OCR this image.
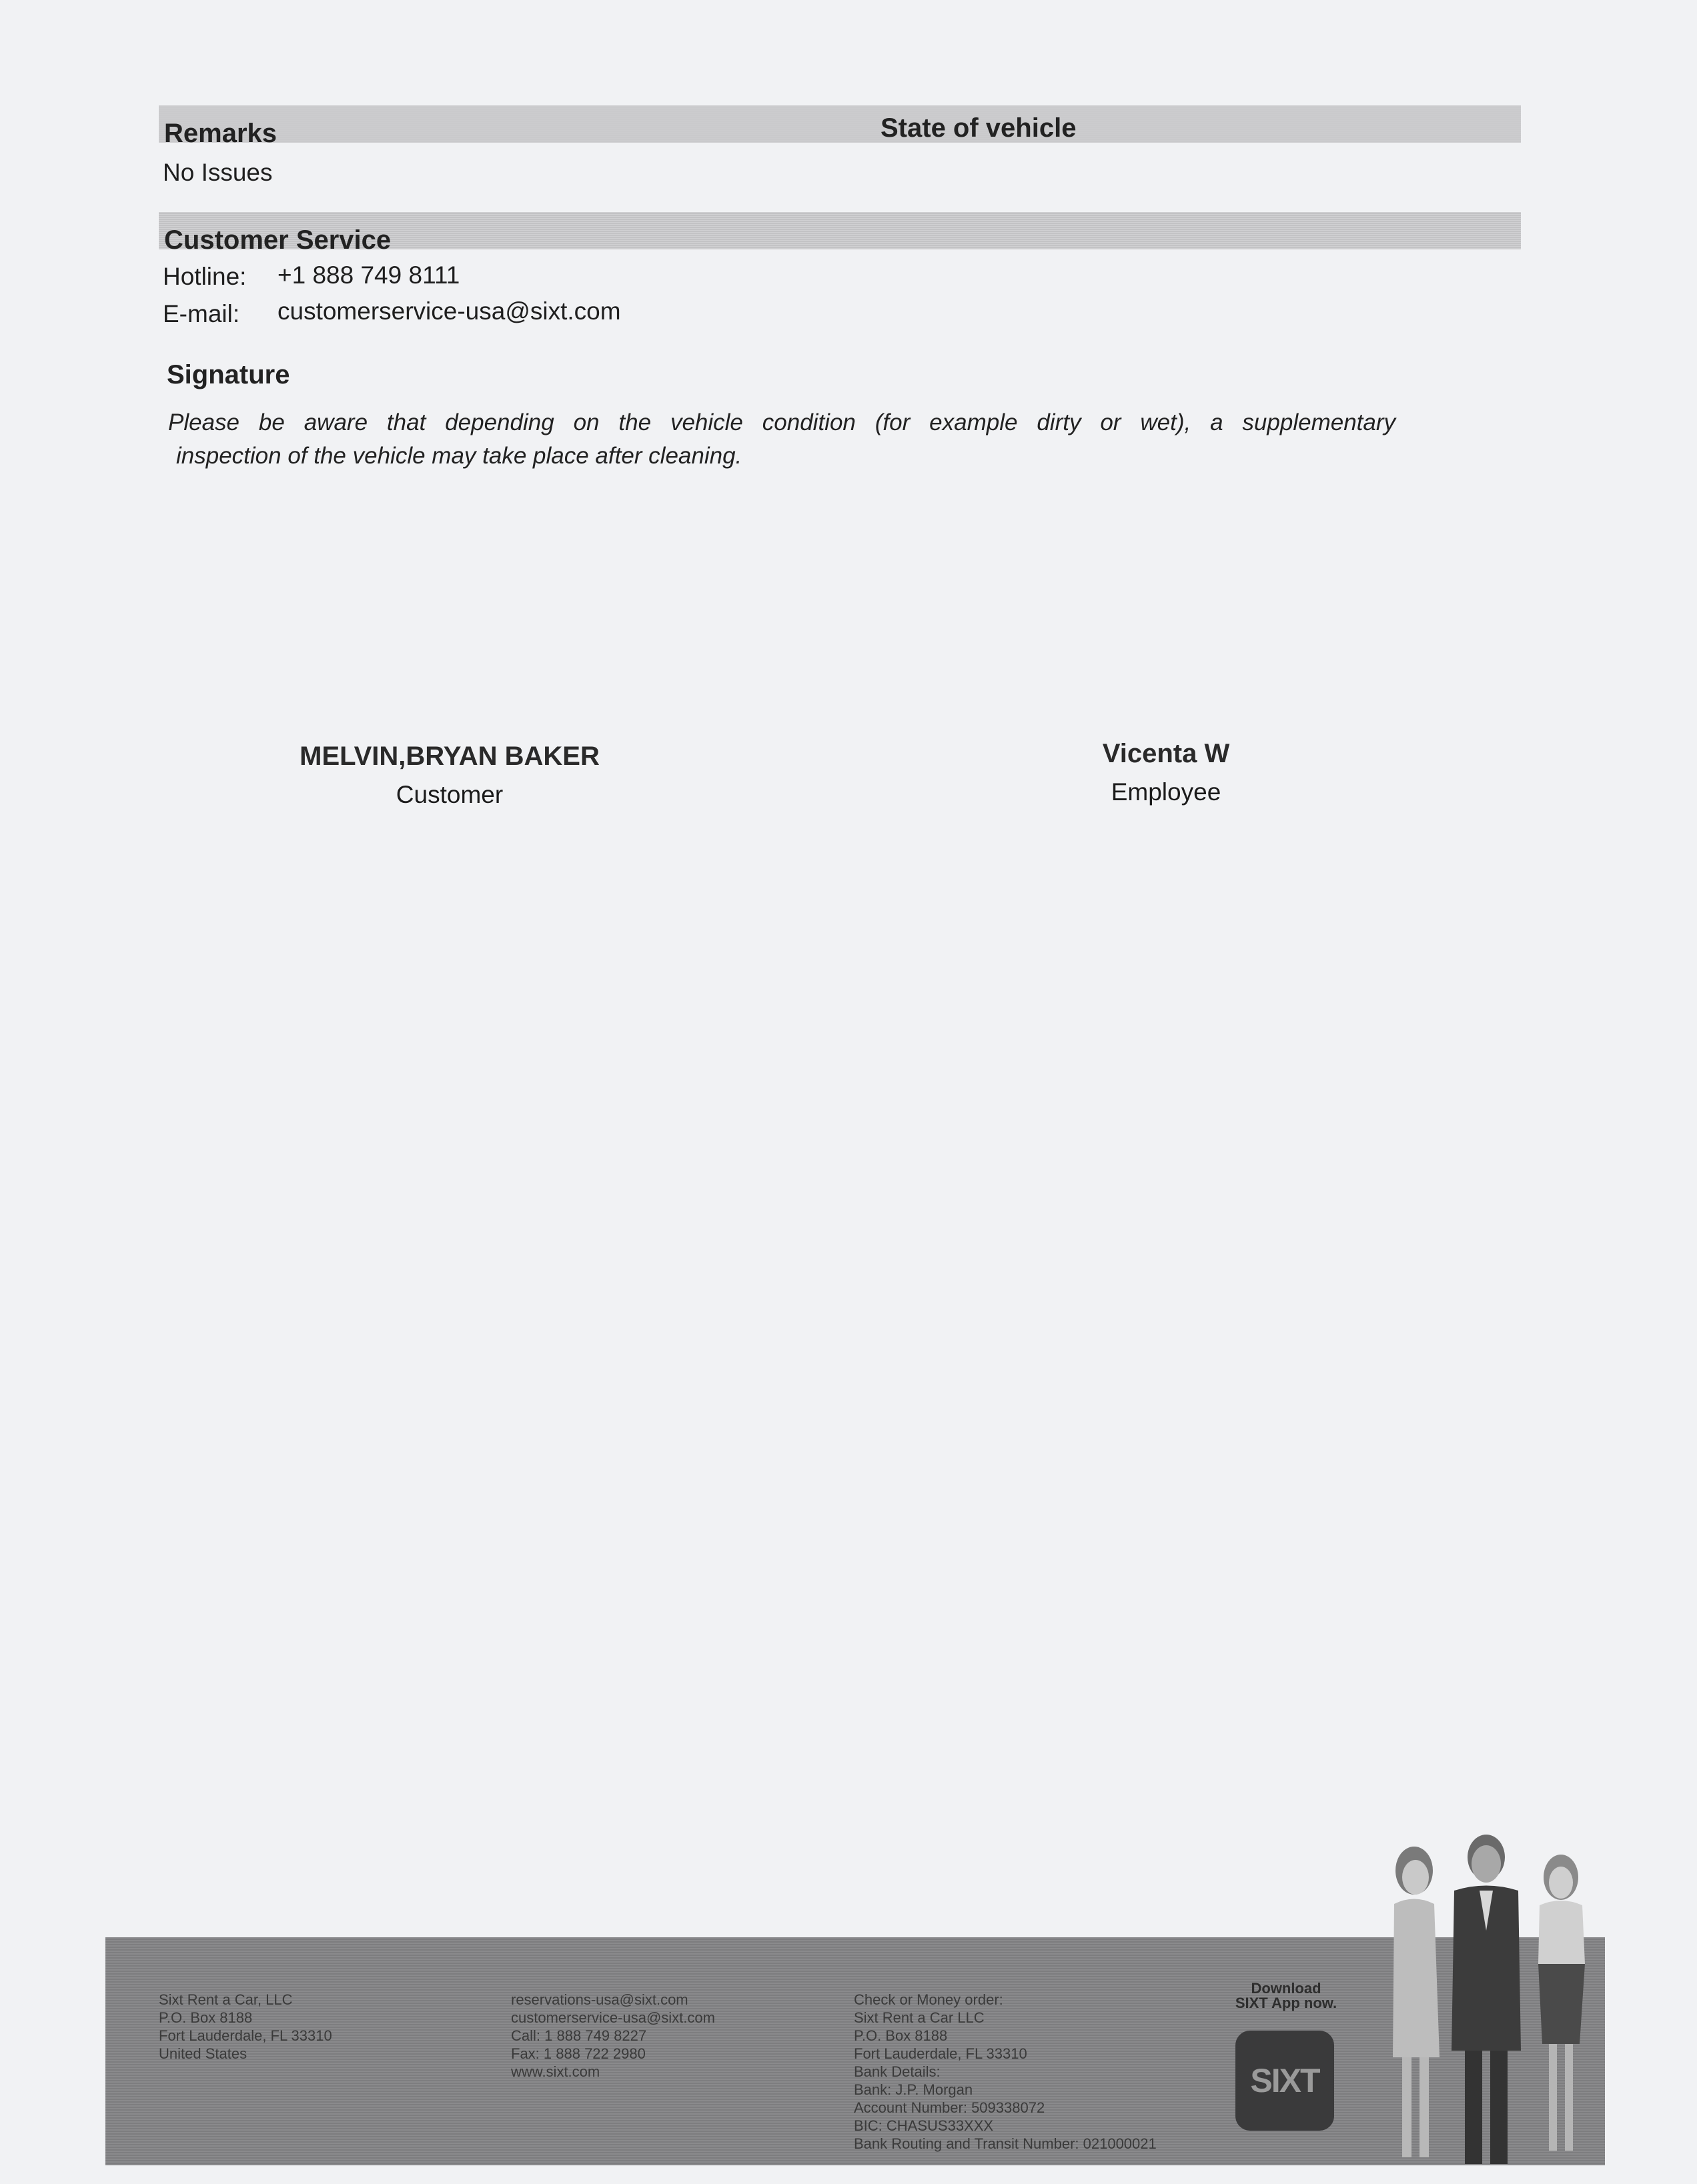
Remarks	State of vehicle
No Issues
Customer Service
Hotline: +1 888 749 8111
E-mail: customerservice-usa@sixt.com
Signature
Please be aware that depending on the vehicle condition (for example dirty or wet), a supplementary
inspection of the vehicle may take place after cleaning.
MELVIN,BRYAN BAKER
Customer
Vicenta W
Employee
Sixt Rent a Car, LLC
P.O. Box 8188
Fort Lauderdale, FL 33310
United States
reservations-usa@sixt.com
customerservice-usa@sixt.com
Call: 1 888 749 8227
Fax: 1 888 722 2980
www.sixt.com
Check or Money order:
Sixt Rent a Car LLC
P.O. Box 8188
Fort Lauderdale, FL 33310
Bank Details:
Bank: J.P. Morgan
Account Number: 509338072
BIC: CHASUS33XXX
Bank Routing and Transit Number: 021000021
Download
SIXT App now.
SIXT
